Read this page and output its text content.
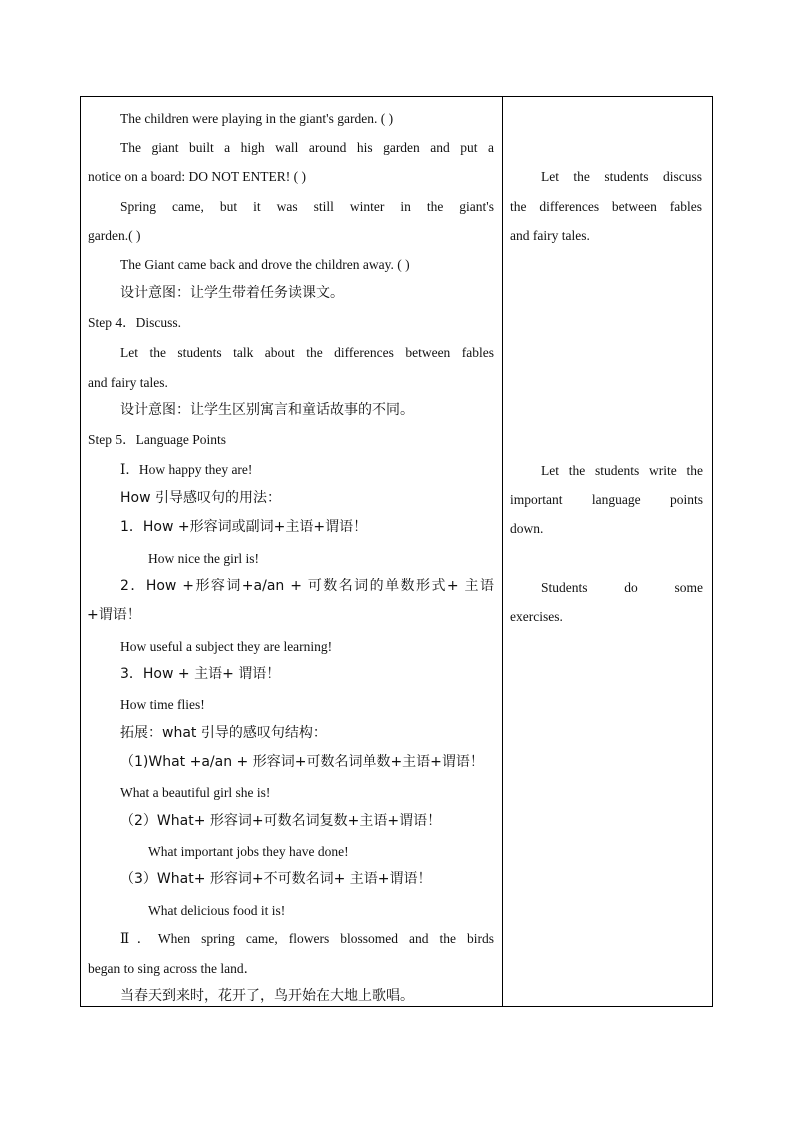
The children were playing in the giant's garden. ( )
The giant built a high wall around his garden and put a
notice on a board: DO NOT ENTER! ( )
Spring came, but it was still winter in the giant's
garden.( )
The Giant came back and drove the children away. ( )
设计意图：让学生带着任务读课文。
Step 4．Discuss.
Let the students talk about the differences between fables
and fairy tales.
设计意图：让学生区别寓言和童话故事的不同。
Step 5．Language Points
Ⅰ．How happy they are!
How 引导感叹句的用法：
1．How +形容词或副词+主语+谓语！
How nice the girl is!
2．How +形容词+a/an + 可数名词的单数形式+ 主语
+谓语！
How useful a subject they are learning!
3．How + 主语+ 谓语！
How time flies!
拓展：what 引导的感叹句结构：
（1)What +a/an + 形容词+可数名词单数+主语+谓语！
What a beautiful girl she is!
（2）What+ 形容词+可数名词复数+主语+谓语！
What important jobs they have done!
（3）What+ 形容词+不可数名词+ 主语+谓语！
What delicious food it is!
Ⅱ．When spring came, flowers blossomed and the birds
began to sing across the land．
当春天到来时，花开了，鸟开始在大地上歌唱。
Let the students discuss
the differences between fables
and fairy tales.
Let the students write the
important language points
down.
Students do some
exercises.
